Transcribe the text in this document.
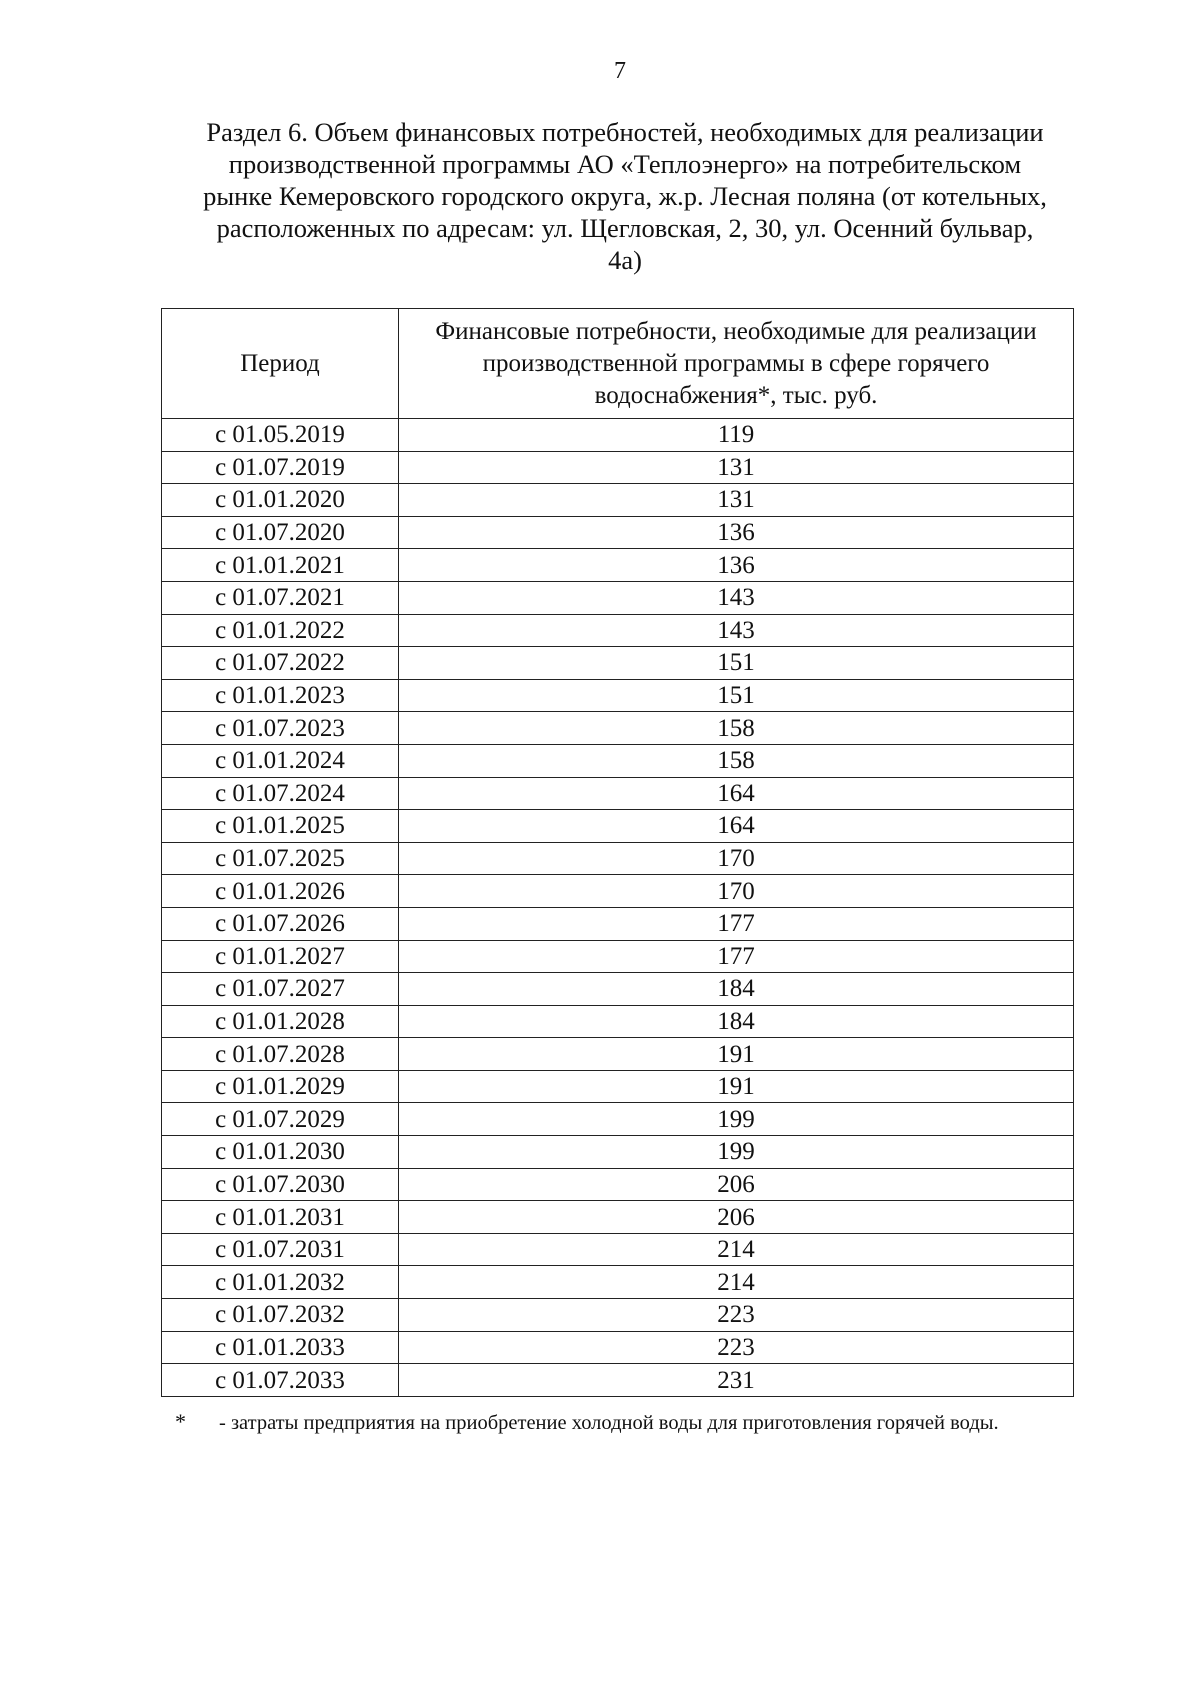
7
Раздел 6. Объем финансовых потребностей, необходимых для реализации производственной программы АО «Теплоэнерго» на потребительском рынке Кемеровского городского округа, ж.р. Лесная поляна (от котельных, расположенных по адресам: ул. Щегловская, 2, 30, ул. Осенний бульвар, 4а)
Период	Финансовые потребности, необходимые для реализации производственной программы в сфере горячего водоснабжения*, тыс. руб.
с 01.05.2019	119
с 01.07.2019	131
с 01.01.2020	131
с 01.07.2020	136
с 01.01.2021	136
с 01.07.2021	143
с 01.01.2022	143
с 01.07.2022	151
с 01.01.2023	151
с 01.07.2023	158
с 01.01.2024	158
с 01.07.2024	164
с 01.01.2025	164
с 01.07.2025	170
с 01.01.2026	170
с 01.07.2026	177
с 01.01.2027	177
с 01.07.2027	184
с 01.01.2028	184
с 01.07.2028	191
с 01.01.2029	191
с 01.07.2029	199
с 01.01.2030	199
с 01.07.2030	206
с 01.01.2031	206
с 01.07.2031	214
с 01.01.2032	214
с 01.07.2032	223
с 01.01.2033	223
с 01.07.2033	231
* - затраты предприятия на приобретение холодной воды для приготовления горячей воды.
